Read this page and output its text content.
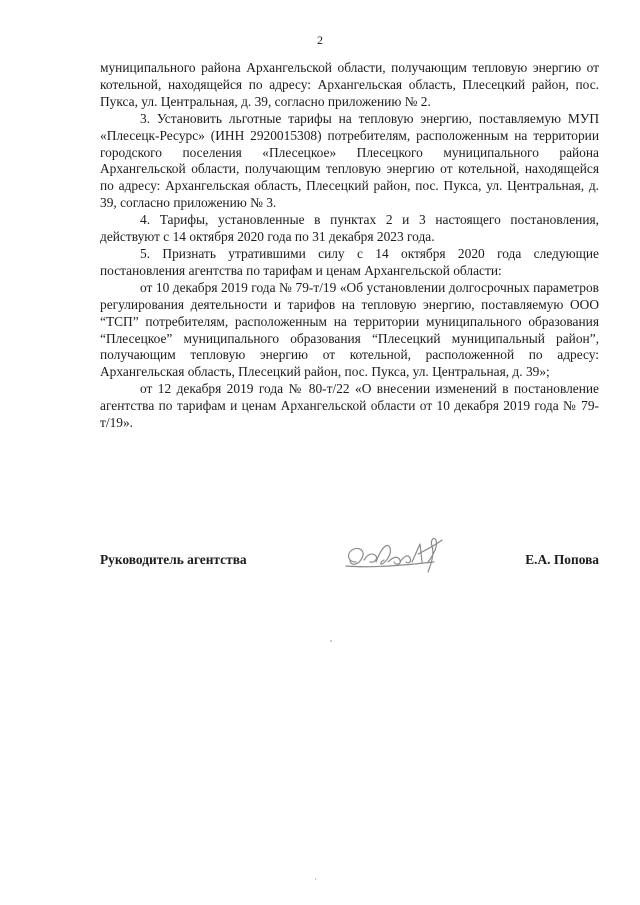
2

муниципального района Архангельской области, получающим тепловую энергию от котельной, находящейся по адресу: Архангельская область, Плесецкий район, пос. Пукса, ул. Центральная, д. 39, согласно приложению № 2.

3. Установить льготные тарифы на тепловую энергию, поставляемую МУП «Плесецк-Ресурс» (ИНН 2920015308) потребителям, расположенным на территории городского поселения «Плесецкое» Плесецкого муниципального района Архангельской области, получающим тепловую энергию от котельной, находящейся по адресу: Архангельская область, Плесецкий район, пос. Пукса, ул. Центральная, д. 39, согласно приложению № 3.

4. Тарифы, установленные в пунктах 2 и 3 настоящего постановления, действуют с 14 октября 2020 года по 31 декабря 2023 года.

5. Признать утратившими силу с 14 октября 2020 года следующие постановления агентства по тарифам и ценам Архангельской области:

от 10 декабря 2019 года № 79-т/19 «Об установлении долгосрочных параметров регулирования деятельности и тарифов на тепловую энергию, поставляемую ООО “ТСП” потребителям, расположенным на территории муниципального образования “Плесецкое” муниципального образования “Плесецкий муниципальный район”, получающим тепловую энергию от котельной, расположенной по адресу: Архангельская область, Плесецкий район, пос. Пукса, ул. Центральная, д. 39»;

от 12 декабря 2019 года № 80-т/22 «О внесении изменений в постановление агентства по тарифам и ценам Архангельской области от 10 декабря 2019 года № 79-т/19».

Руководитель агентства	Е.А. Попова
